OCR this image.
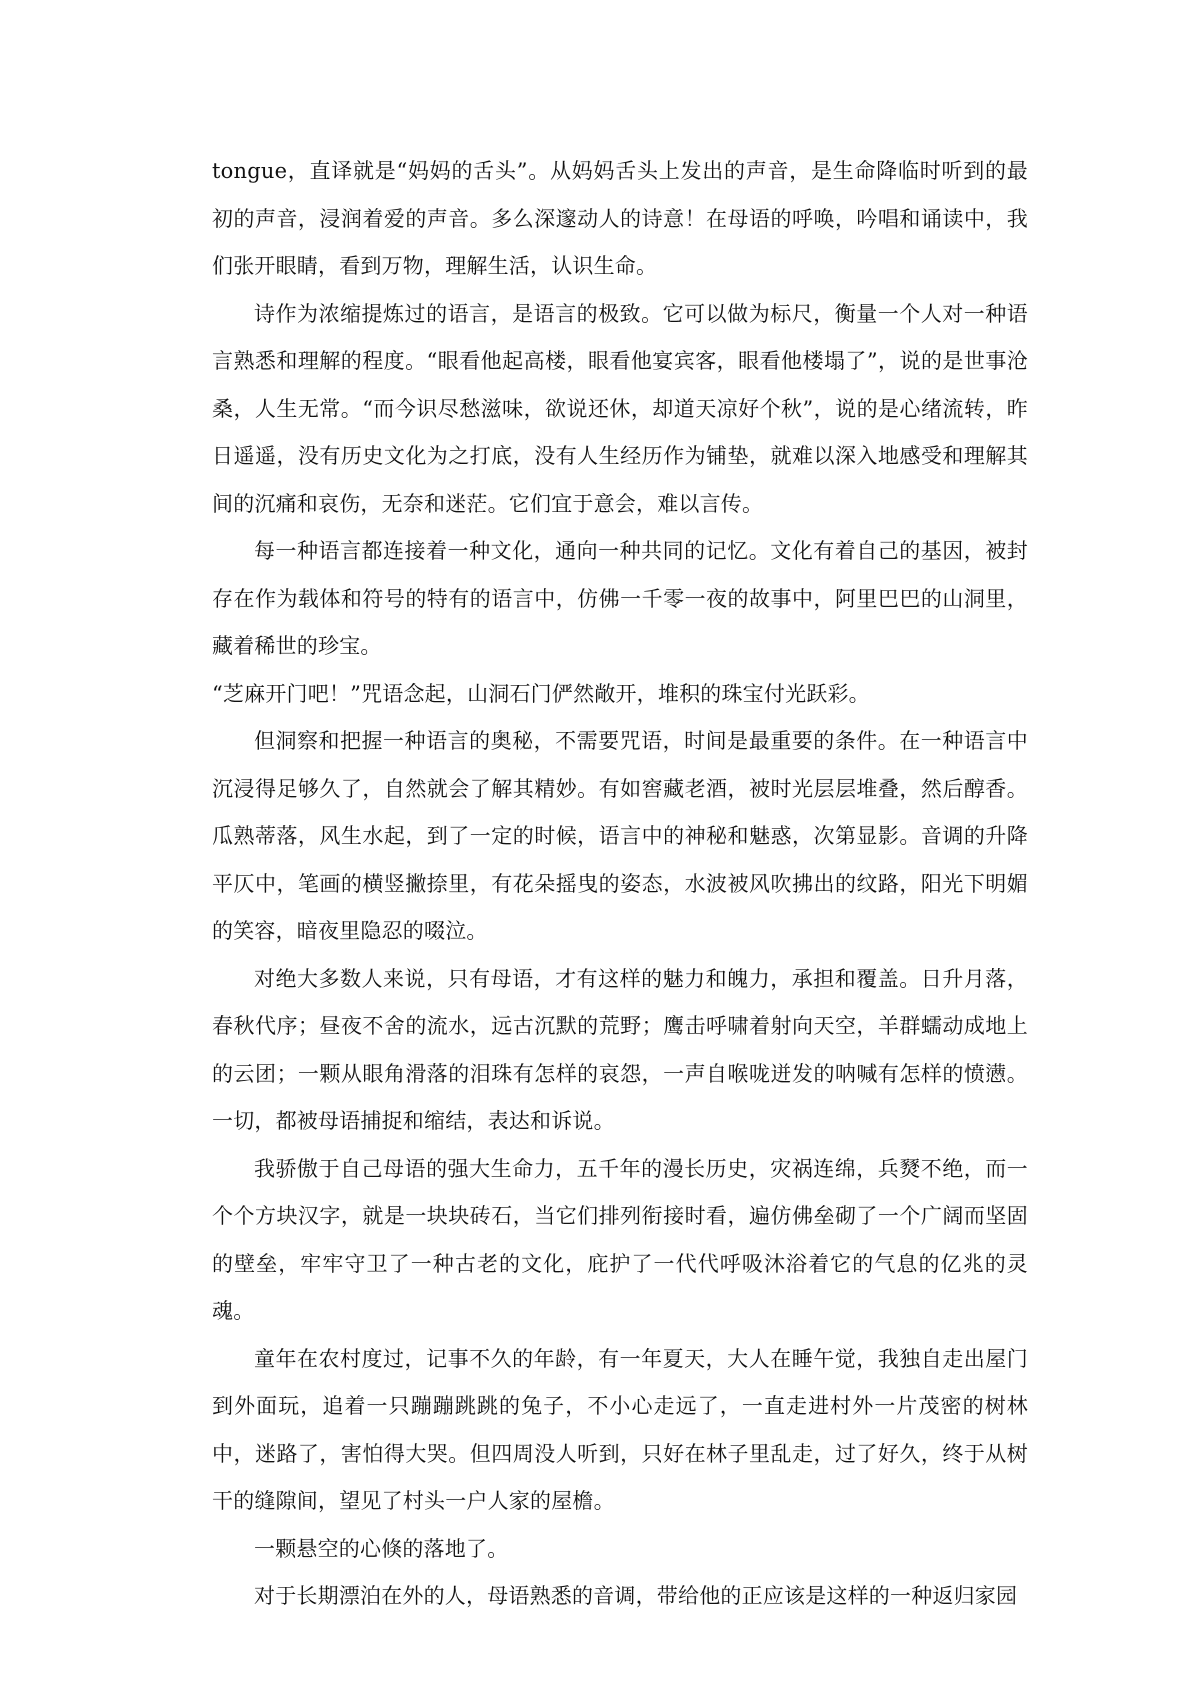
tongue，直译就是“妈妈的舌头”。从妈妈舌头上发出的声音，是生命降临时听到的最初的声音，浸润着爱的声音。多么深邃动人的诗意！在母语的呼唤，吟唱和诵读中，我们张开眼睛，看到万物，理解生活，认识生命。

诗作为浓缩提炼过的语言，是语言的极致。它可以做为标尺，衡量一个人对一种语言熟悉和理解的程度。“眼看他起高楼，眼看他宴宾客，眼看他楼塌了”，说的是世事沧桑，人生无常。“而今识尽愁滋味，欲说还休，却道天凉好个秋”，说的是心绪流转，昨日遥遥，没有历史文化为之打底，没有人生经历作为铺垫，就难以深入地感受和理解其间的沉痛和哀伤，无奈和迷茫。它们宜于意会，难以言传。

每一种语言都连接着一种文化，通向一种共同的记忆。文化有着自己的基因，被封存在作为载体和符号的特有的语言中，仿佛一千零一夜的故事中，阿里巴巴的山洞里，藏着稀世的珍宝。

“芝麻开门吧！”咒语念起，山洞石门俨然敞开，堆积的珠宝付光跃彩。

但洞察和把握一种语言的奥秘，不需要咒语，时间是最重要的条件。在一种语言中沉浸得足够久了，自然就会了解其精妙。有如窖藏老酒，被时光层层堆叠，然后醇香。瓜熟蒂落，风生水起，到了一定的时候，语言中的神秘和魅惑，次第显影。音调的升降平仄中，笔画的横竖撇捺里，有花朵摇曳的姿态，水波被风吹拂出的纹路，阳光下明媚的笑容，暗夜里隐忍的啜泣。

对绝大多数人来说，只有母语，才有这样的魅力和魄力，承担和覆盖。日升月落，春秋代序；昼夜不舍的流水，远古沉默的荒野；鹰击呼啸着射向天空，羊群蠕动成地上的云团；一颗从眼角滑落的泪珠有怎样的哀怨，一声自喉咙迸发的呐喊有怎样的愤懑。一切，都被母语捕捉和缩结，表达和诉说。

我骄傲于自己母语的强大生命力，五千年的漫长历史，灾祸连绵，兵燹不绝，而一个个方块汉字，就是一块块砖石，当它们排列衔接时看，遍仿佛垒砌了一个广阔而坚固的壁垒，牢牢守卫了一种古老的文化，庇护了一代代呼吸沐浴着它的气息的亿兆的灵魂。

童年在农村度过，记事不久的年龄，有一年夏天，大人在睡午觉，我独自走出屋门到外面玩，追着一只蹦蹦跳跳的兔子，不小心走远了，一直走进村外一片茂密的树林中，迷路了，害怕得大哭。但四周没人听到，只好在林子里乱走，过了好久，终于从树干的缝隙间，望见了村头一户人家的屋檐。

一颗悬空的心倏的落地了。

对于长期漂泊在外的人，母语熟悉的音调，带给他的正应该是这样的一种返归家园
